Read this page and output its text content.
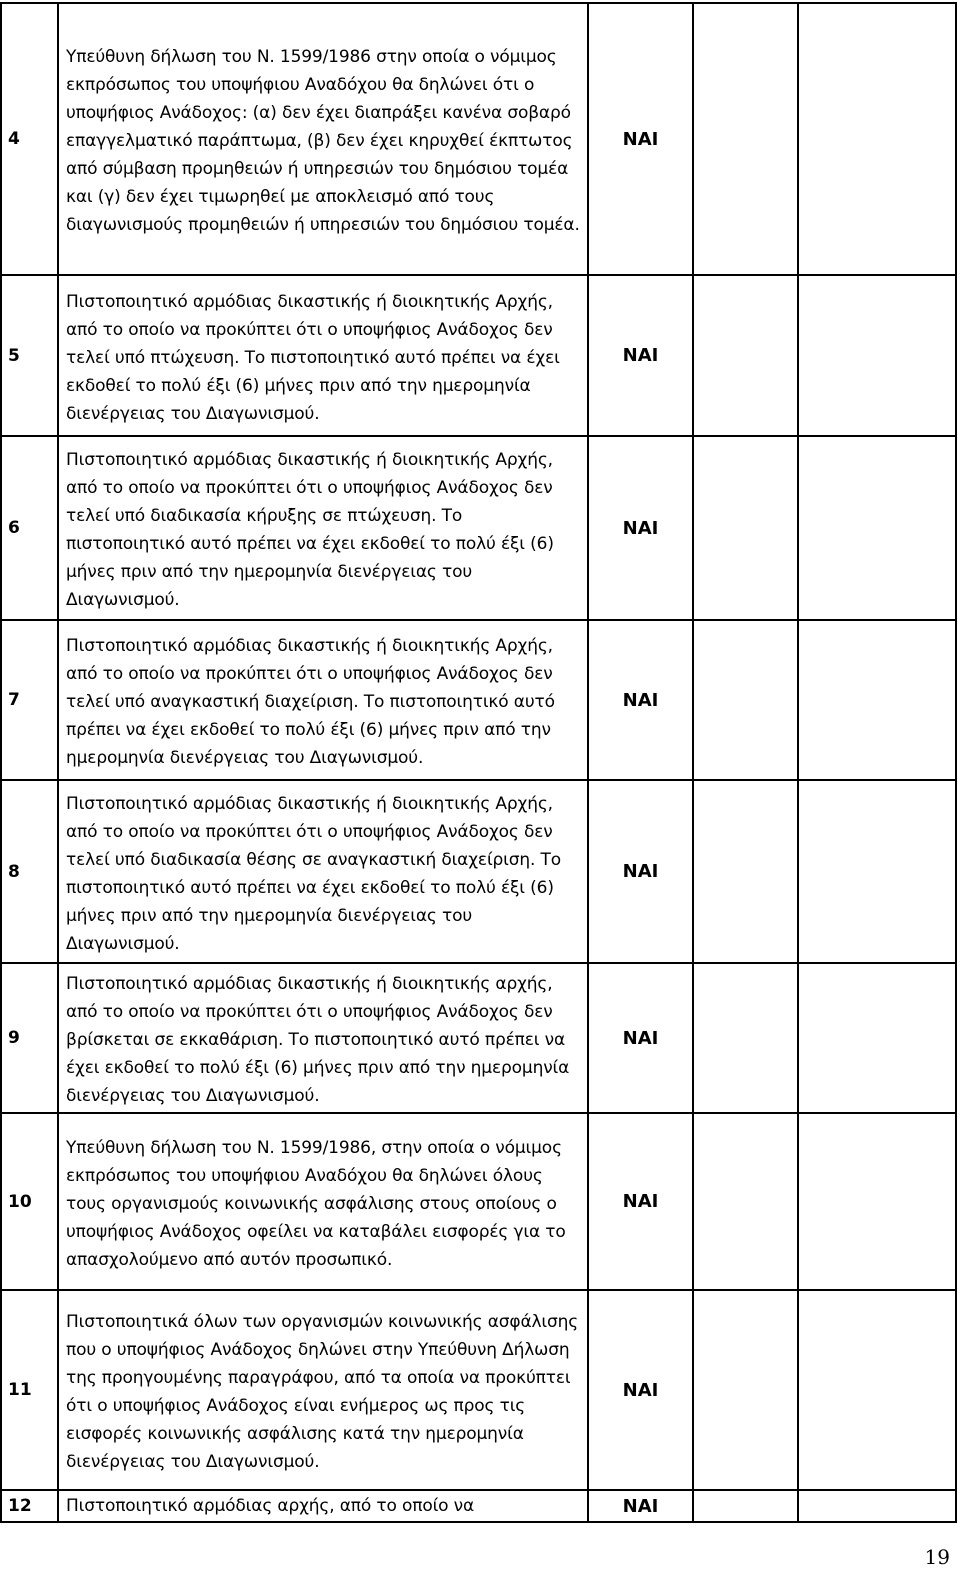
4	Υπεύθυνη δήλωση του Ν. 1599/1986 στην οποία ο νόμιμος εκπρόσωπος του υποψήφιου Αναδόχου θα δηλώνει ότι ο υποψήφιος Ανάδοχος: (α) δεν έχει διαπράξει κανένα σοβαρό επαγγελματικό παράπτωμα, (β) δεν έχει κηρυχθεί έκπτωτος από σύμβαση προμηθειών ή υπηρεσιών του δημόσιου τομέα και (γ) δεν έχει τιμωρηθεί με αποκλεισμό από τους διαγωνισμούς προμηθειών ή υπηρεσιών του δημόσιου τομέα.	ΝΑΙ		
5	Πιστοποιητικό αρμόδιας δικαστικής ή διοικητικής Αρχής, από το οποίο να προκύπτει ότι ο υποψήφιος Ανάδοχος δεν τελεί υπό πτώχευση. Το πιστοποιητικό αυτό πρέπει να έχει εκδοθεί το πολύ έξι (6) μήνες πριν από την ημερομηνία διενέργειας του Διαγωνισμού.	ΝΑΙ		
6	Πιστοποιητικό αρμόδιας δικαστικής ή διοικητικής Αρχής, από το οποίο να προκύπτει ότι ο υποψήφιος Ανάδοχος δεν τελεί υπό διαδικασία κήρυξης σε πτώχευση. Το πιστοποιητικό αυτό πρέπει να έχει εκδοθεί το πολύ έξι (6) μήνες πριν από την ημερομηνία διενέργειας του Διαγωνισμού.	ΝΑΙ		
7	Πιστοποιητικό αρμόδιας δικαστικής ή διοικητικής Αρχής, από το οποίο να προκύπτει ότι ο υποψήφιος Ανάδοχος δεν τελεί υπό αναγκαστική διαχείριση. Το πιστοποιητικό αυτό πρέπει να έχει εκδοθεί το πολύ έξι (6) μήνες πριν από την ημερομηνία διενέργειας του Διαγωνισμού.	ΝΑΙ		
8	Πιστοποιητικό αρμόδιας δικαστικής ή διοικητικής Αρχής, από το οποίο να προκύπτει ότι ο υποψήφιος Ανάδοχος δεν τελεί υπό διαδικασία θέσης σε αναγκαστική διαχείριση. Το πιστοποιητικό αυτό πρέπει να έχει εκδοθεί το πολύ έξι (6) μήνες πριν από την ημερομηνία διενέργειας του Διαγωνισμού.	ΝΑΙ		
9	Πιστοποιητικό αρμόδιας δικαστικής ή διοικητικής αρχής, από το οποίο να προκύπτει ότι ο υποψήφιος Ανάδοχος δεν βρίσκεται σε εκκαθάριση. Το πιστοποιητικό αυτό πρέπει να έχει εκδοθεί το πολύ έξι (6) μήνες πριν από την ημερομηνία διενέργειας του Διαγωνισμού.	ΝΑΙ		
10	Υπεύθυνη δήλωση του Ν. 1599/1986, στην οποία ο νόμιμος εκπρόσωπος του υποψήφιου Αναδόχου θα δηλώνει όλους τους οργανισμούς κοινωνικής ασφάλισης στους οποίους ο υποψήφιος Ανάδοχος οφείλει να καταβάλει εισφορές για το απασχολούμενο από αυτόν προσωπικό.	ΝΑΙ		
11	Πιστοποιητικά όλων των οργανισμών κοινωνικής ασφάλισης που ο υποψήφιος Ανάδοχος δηλώνει στην Υπεύθυνη Δήλωση της προηγουμένης παραγράφου, από τα οποία να προκύπτει ότι ο υποψήφιος Ανάδοχος είναι ενήμερος ως προς τις εισφορές κοινωνικής ασφάλισης κατά την ημερομηνία διενέργειας του Διαγωνισμού.	ΝΑΙ		
12	Πιστοποιητικό αρμόδιας αρχής, από το οποίο να	ΝΑΙ		
19
